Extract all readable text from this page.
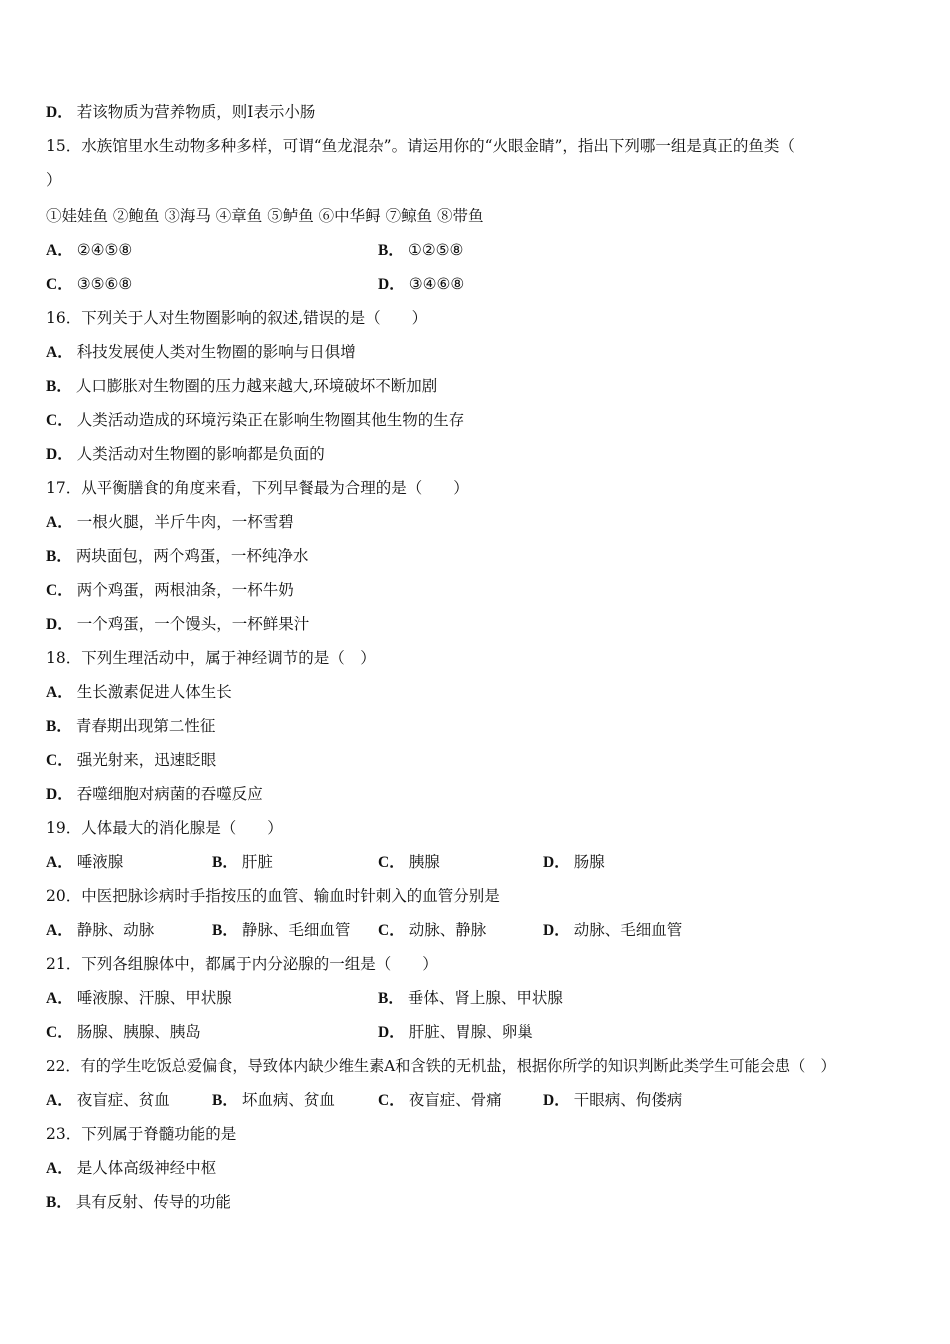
D． 若该物质为营养物质，则Ⅰ表示小肠
15．水族馆里水生动物多种多样，可谓“鱼龙混杂”。请运用你的“火眼金睛”，指出下列哪一组是真正的鱼类（
）
①娃娃鱼 ②鲍鱼 ③海马 ④章鱼 ⑤鲈鱼 ⑥中华鲟 ⑦鲸鱼 ⑧带鱼
A． ②④⑤⑧	B． ①②⑤⑧
C． ③⑤⑥⑧	D． ③④⑥⑧
16．下列关于人对生物圈影响的叙述,错误的是（　　）
A． 科技发展使人类对生物圈的影响与日俱增
B． 人口膨胀对生物圈的压力越来越大,环境破坏不断加剧
C． 人类活动造成的环境污染正在影响生物圈其他生物的生存
D． 人类活动对生物圈的影响都是负面的
17．从平衡膳食的角度来看，下列早餐最为合理的是（　　）
A． 一根火腿，半斤牛肉，一杯雪碧
B． 两块面包，两个鸡蛋，一杯纯净水
C． 两个鸡蛋，两根油条，一杯牛奶
D． 一个鸡蛋，一个馒头，一杯鲜果汁
18．下列生理活动中，属于神经调节的是（　）
A． 生长激素促进人体生长
B． 青春期出现第二性征
C． 强光射来，迅速眨眼
D． 吞噬细胞对病菌的吞噬反应
19．人体最大的消化腺是（　　）
A． 唾液腺	B． 肝脏	C． 胰腺	D． 肠腺
20．中医把脉诊病时手指按压的血管、输血时针刺入的血管分别是
A． 静脉、动脉	B． 静脉、毛细血管 C． 动脉、静脉	D． 动脉、毛细血管
21．下列各组腺体中，都属于内分泌腺的一组是（　　）
A． 唾液腺、汗腺、甲状腺	B． 垂体、肾上腺、甲状腺
C． 肠腺、胰腺、胰岛	D． 肝脏、胃腺、卵巢
22．有的学生吃饭总爱偏食，导致体内缺少维生素A和含铁的无机盐，根据你所学的知识判断此类学生可能会患（　）
A． 夜盲症、贫血	B． 坏血病、贫血	C． 夜盲症、骨痛	D． 干眼病、佝偻病
23．下列属于脊髓功能的是
A． 是人体高级神经中枢
B． 具有反射、传导的功能
